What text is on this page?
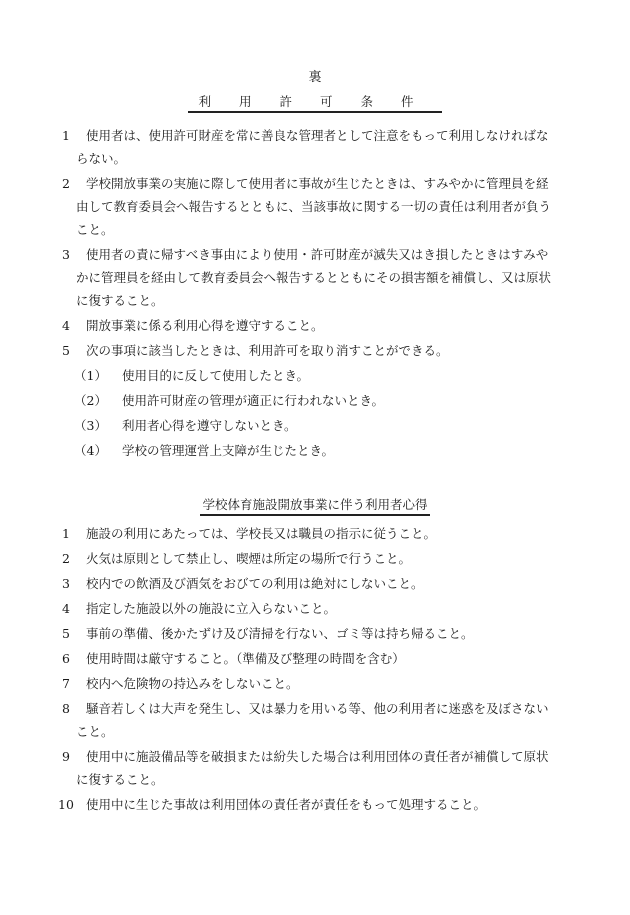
裏
利用許可条件
1	使用者は、使用許可財産を常に善良な管理者として注意をもって利用しなければな
らない。
2	学校開放事業の実施に際して使用者に事故が生じたときは、すみやかに管理員を経
由して教育委員会へ報告するとともに、当該事故に関する一切の責任は利用者が負う
こと。
3	使用者の責に帰すべき事由により使用・許可財産が滅失又はき損したときはすみや
かに管理員を経由して教育委員会へ報告するとともにその損害額を補償し、又は原状
に復すること。
4	開放事業に係る利用心得を遵守すること。
5	次の事項に該当したときは、利用許可を取り消すことができる。
（1） 使用目的に反して使用したとき。
（2） 使用許可財産の管理が適正に行われないとき。
（3） 利用者心得を遵守しないとき。
（4） 学校の管理運営上支障が生じたとき。
学校体育施設開放事業に伴う利用者心得
1	施設の利用にあたっては、学校長又は職員の指示に従うこと。
2	火気は原則として禁止し、喫煙は所定の場所で行うこと。
3	校内での飲酒及び酒気をおびての利用は絶対にしないこと。
4	指定した施設以外の施設に立入らないこと。
5	事前の準備、後かたずけ及び清掃を行ない、ゴミ等は持ち帰ること。
6	使用時間は厳守すること。（準備及び整理の時間を含む）
7	校内へ危険物の持込みをしないこと。
8	騒音若しくは大声を発生し、又は暴力を用いる等、他の利用者に迷惑を及ぼさない
こと。
9	使用中に施設備品等を破損または紛失した場合は利用団体の責任者が補償して原状
に復すること。
10 使用中に生じた事故は利用団体の責任者が責任をもって処理すること。
